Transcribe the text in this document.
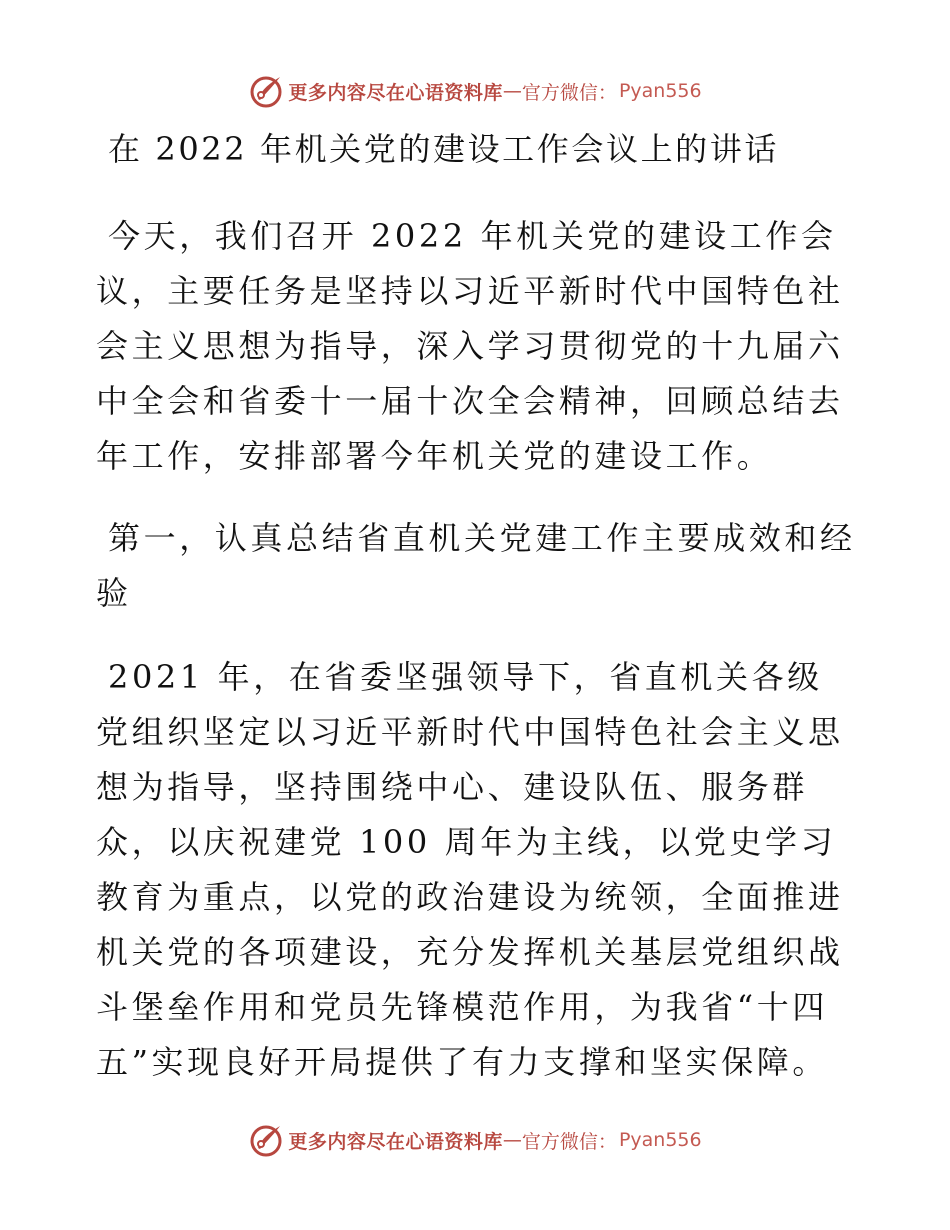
更多内容尽在心语资料库 — 官方微信： Pyan556

在 2022 年机关党的建设工作会议上的讲话

今天，我们召开 2022 年机关党的建设工作会议，主要任务是坚持以习近平新时代中国特色社会主义思想为指导，深入学习贯彻党的十九届六中全会和省委十一届十次全会精神，回顾总结去年工作，安排部署今年机关党的建设工作。

第一，认真总结省直机关党建工作主要成效和经验

2021 年，在省委坚强领导下，省直机关各级党组织坚定以习近平新时代中国特色社会主义思想为指导，坚持围绕中心、建设队伍、服务群众，以庆祝建党 100 周年为主线，以党史学习教育为重点，以党的政治建设为统领，全面推进机关党的各项建设，充分发挥机关基层党组织战斗堡垒作用和党员先锋模范作用，为我省“十四五”实现良好开局提供了有力支撑和坚实保障。

更多内容尽在心语资料库 — 官方微信： Pyan556
